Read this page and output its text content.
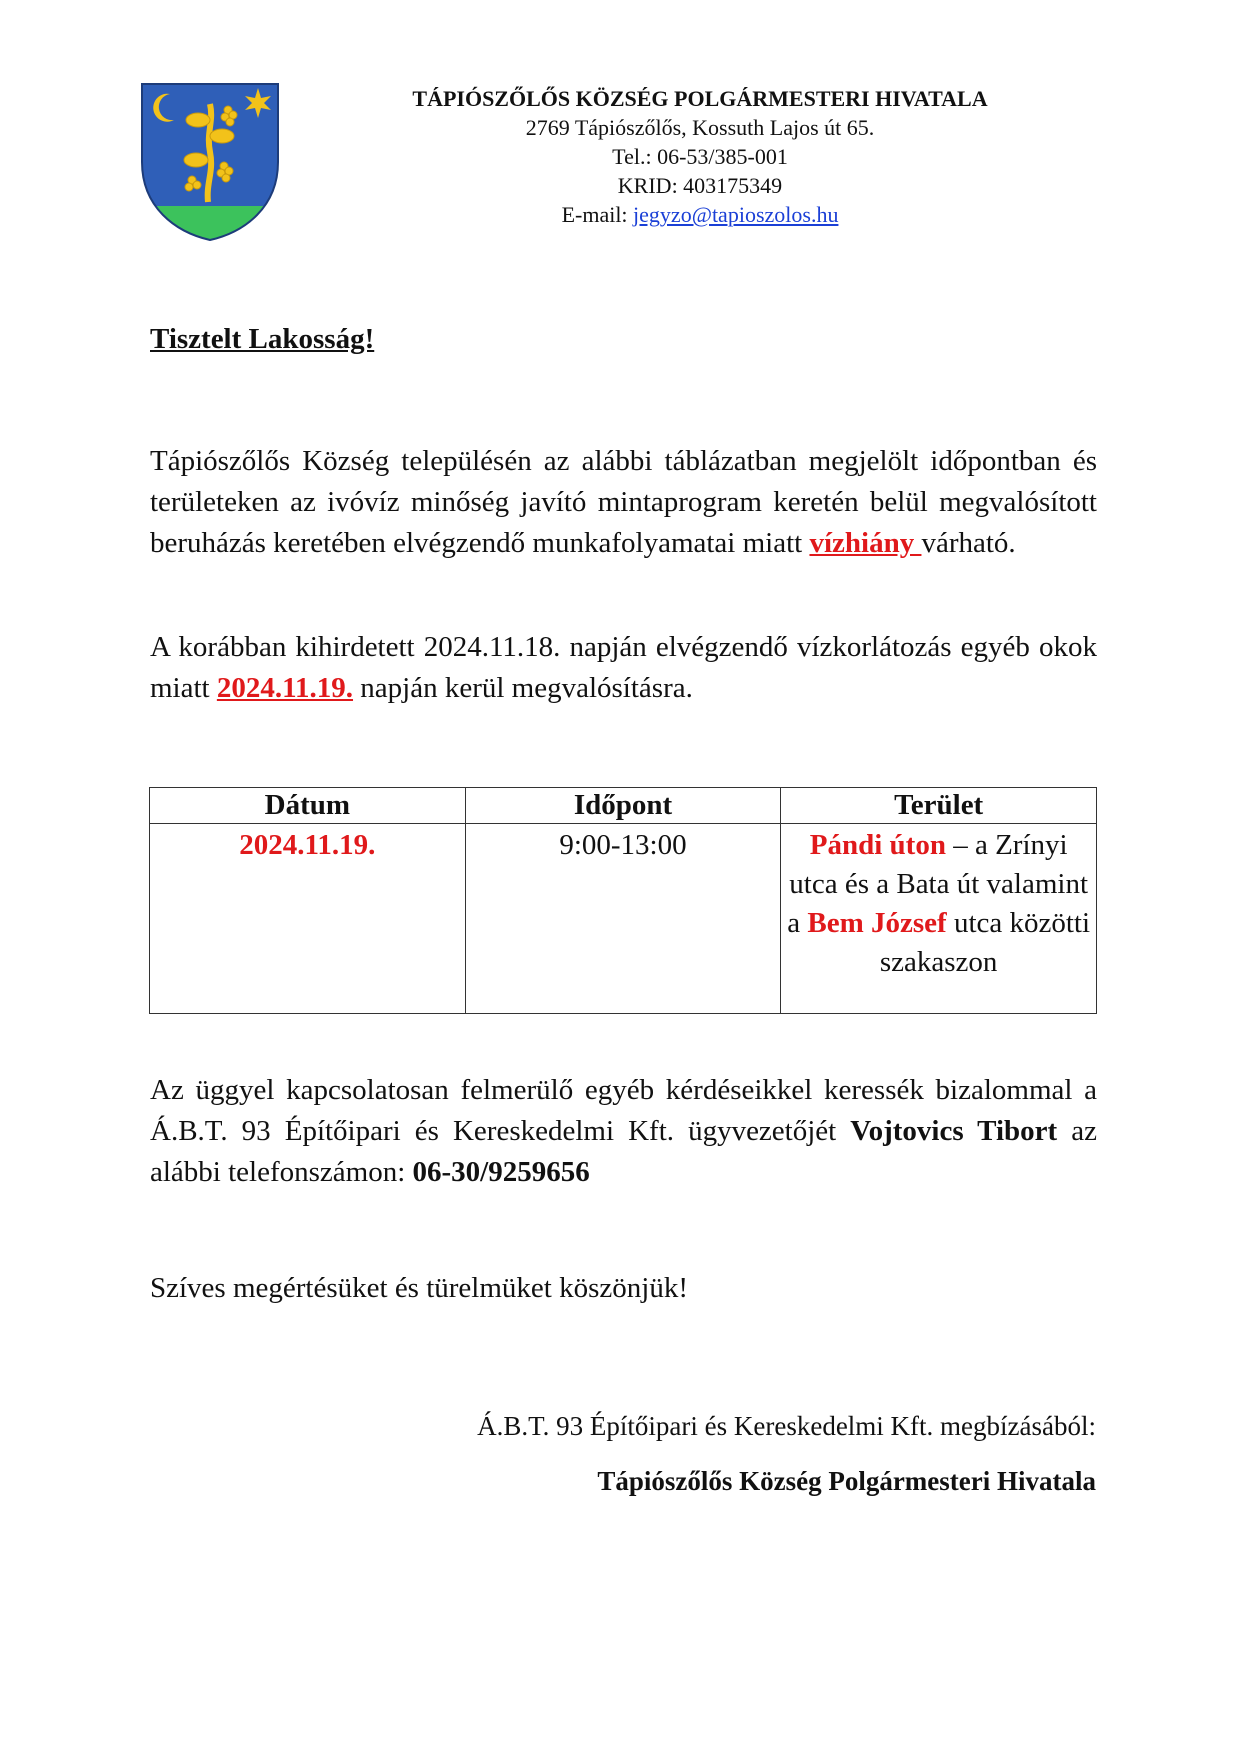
TÁPIÓSZŐLŐS KÖZSÉG POLGÁRMESTERI HIVATALA
2769 Tápiószőlős, Kossuth Lajos út 65.
Tel.: 06-53/385-001
KRID: 403175349
E-mail: jegyzo@tapioszolos.hu
Tisztelt Lakosság!
Tápiószőlős Község településén az alábbi táblázatban megjelölt időpontban és területeken az ivóvíz minőség javító mintaprogram keretén belül megvalósított beruházás keretében elvégzendő munkafolyamatai miatt vízhiány várható.
A korábban kihirdetett 2024.11.18. napján elvégzendő vízkorlátozás egyéb okok miatt 2024.11.19. napján kerül megvalósításra.
Dátum	Időpont	Terület
2024.11.19.	9:00-13:00	Pándi úton – a Zrínyi utca és a Bata út valamint a Bem József utca közötti szakaszon
Az üggyel kapcsolatosan felmerülő egyéb kérdéseikkel keressék bizalommal a Á.B.T. 93 Építőipari és Kereskedelmi Kft. ügyvezetőjét Vojtovics Tibort az alábbi telefonszámon: 06-30/9259656
Szíves megértésüket és türelmüket köszönjük!
Á.B.T. 93 Építőipari és Kereskedelmi Kft. megbízásából:
Tápiószőlős Község Polgármesteri Hivatala
